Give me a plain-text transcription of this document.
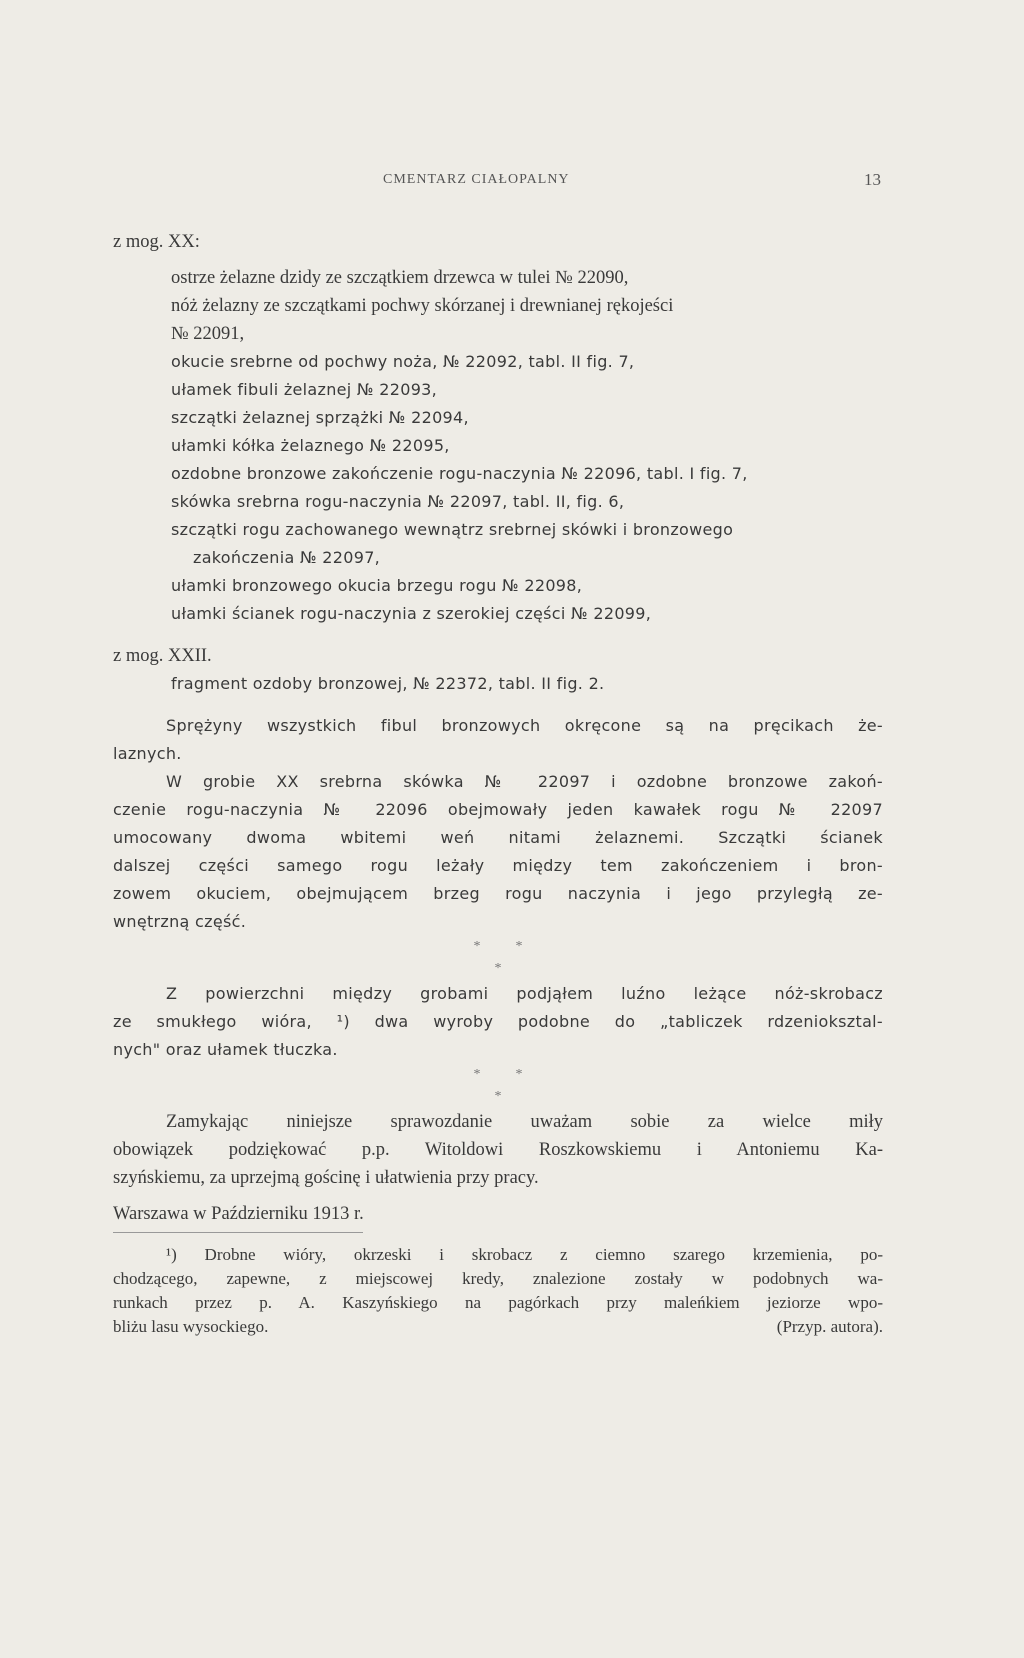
CMENTARZ CIAŁOPALNY	13
z mog. XX:
ostrze żelazne dzidy ze szczątkiem drzewca w tulei № 22090,
nóż żelazny ze szczątkami pochwy skórzanej i drewnianej rękojeści
№ 22091,
okucie srebrne od pochwy noża, № 22092, tabl. II fig. 7,
ułamek fibuli żelaznej № 22093,
szczątki żelaznej sprzążki № 22094,
ułamki kółka żelaznego № 22095,
ozdobne bronzowe zakończenie rogu-naczynia № 22096, tabl. I fig. 7,
skówka srebrna rogu-naczynia № 22097, tabl. II, fig. 6,
szczątki rogu zachowanego wewnątrz srebrnej skówki i bronzowego
zakończenia № 22097,
ułamki bronzowego okucia brzegu rogu № 22098,
ułamki ścianek rogu-naczynia z szerokiej części № 22099,
z mog. XXII.
fragment ozdoby bronzowej, № 22372, tabl. II fig. 2.
Sprężyny wszystkich fibul bronzowych okręcone są na pręcikach że-
laznych.
W grobie XX srebrna skówka № 22097 i ozdobne bronzowe zakoń-
czenie rogu-naczynia № 22096 obejmowały jeden kawałek rogu № 22097
umocowany dwoma wbitemi weń nitami żelaznemi. Szczątki ścianek
dalszej części samego rogu leżały między tem zakończeniem i bron-
zowem okuciem, obejmującem brzeg rogu naczynia i jego przyległą ze-
wnętrzną część.
*          *
*
Z powierzchni między grobami podjąłem luźno leżące nóż-skrobacz
ze smukłego wióra, ¹) dwa wyroby podobne do „tabliczek rdzenioksztal-
nych" oraz ułamek tłuczka.
*          *
*
Zamykając niniejsze sprawozdanie uważam sobie za wielce miły
obowiązek podziękować p.p. Witoldowi Roszkowskiemu i Antoniemu Ka-
szyńskiemu, za uprzejmą gościnę i ułatwienia przy pracy.
Warszawa w Październiku 1913 r.
¹) Drobne wióry, okrzeski i skrobacz z ciemno szarego krzemienia, po-
chodzącego, zapewne, z miejscowej kredy, znalezione zostały w podobnych wa-
runkach przez p. A. Kaszyńskiego na pagórkach przy maleńkiem jeziorze wpo-
bliżu lasu wysockiego.	(Przyp. autora).
